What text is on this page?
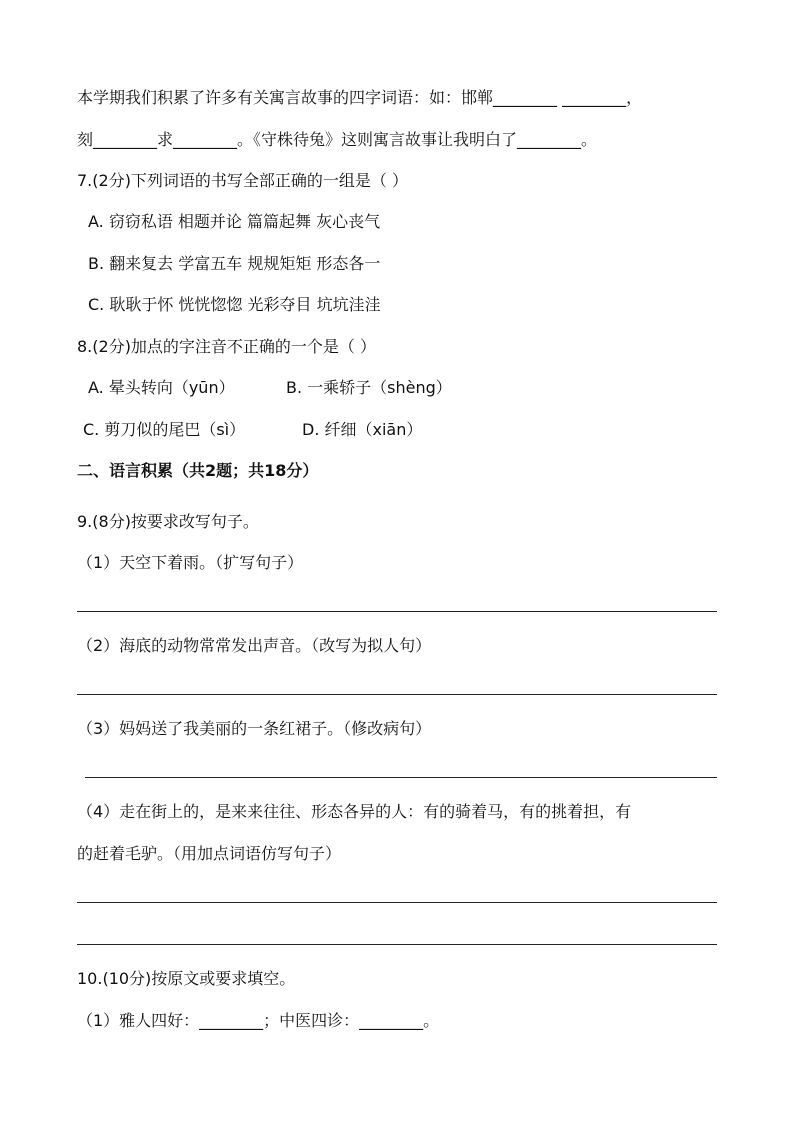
本学期我们积累了许多有关寓言故事的四字词语：如：邯郸________ ________，
刻________求________。《守株待兔》这则寓言故事让我明白了________。
7.(2分)下列词语的书写全部正确的一组是（ ）
A. 窃窃私语 相题并论 篇篇起舞 灰心丧气
B. 翻来复去 学富五车 规规矩矩 形态各一
C. 耿耿于怀 恍恍惚惚 光彩夺目 坑坑洼洼
8.(2分)加点的字注音不正确的一个是（ ）
A. 晕头转向（yūn）	B. 一乘轿子（shèng）
C. 剪刀似的尾巴（sì）	D. 纤细（xiān）
二、语言积累（共2题；共18分）
9.(8分)按要求改写句子。
（1）天空下着雨。（扩写句子）
（2）海底的动物常常发出声音。（改写为拟人句）
（3）妈妈送了我美丽的一条红裙子。（修改病句）
（4）走在街上的，是来来往往、形态各异的人：有的骑着马，有的挑着担，有
的赶着毛驴。（用加点词语仿写句子）
10.(10分)按原文或要求填空。
（1）雅人四好：________；中医四诊：________。
